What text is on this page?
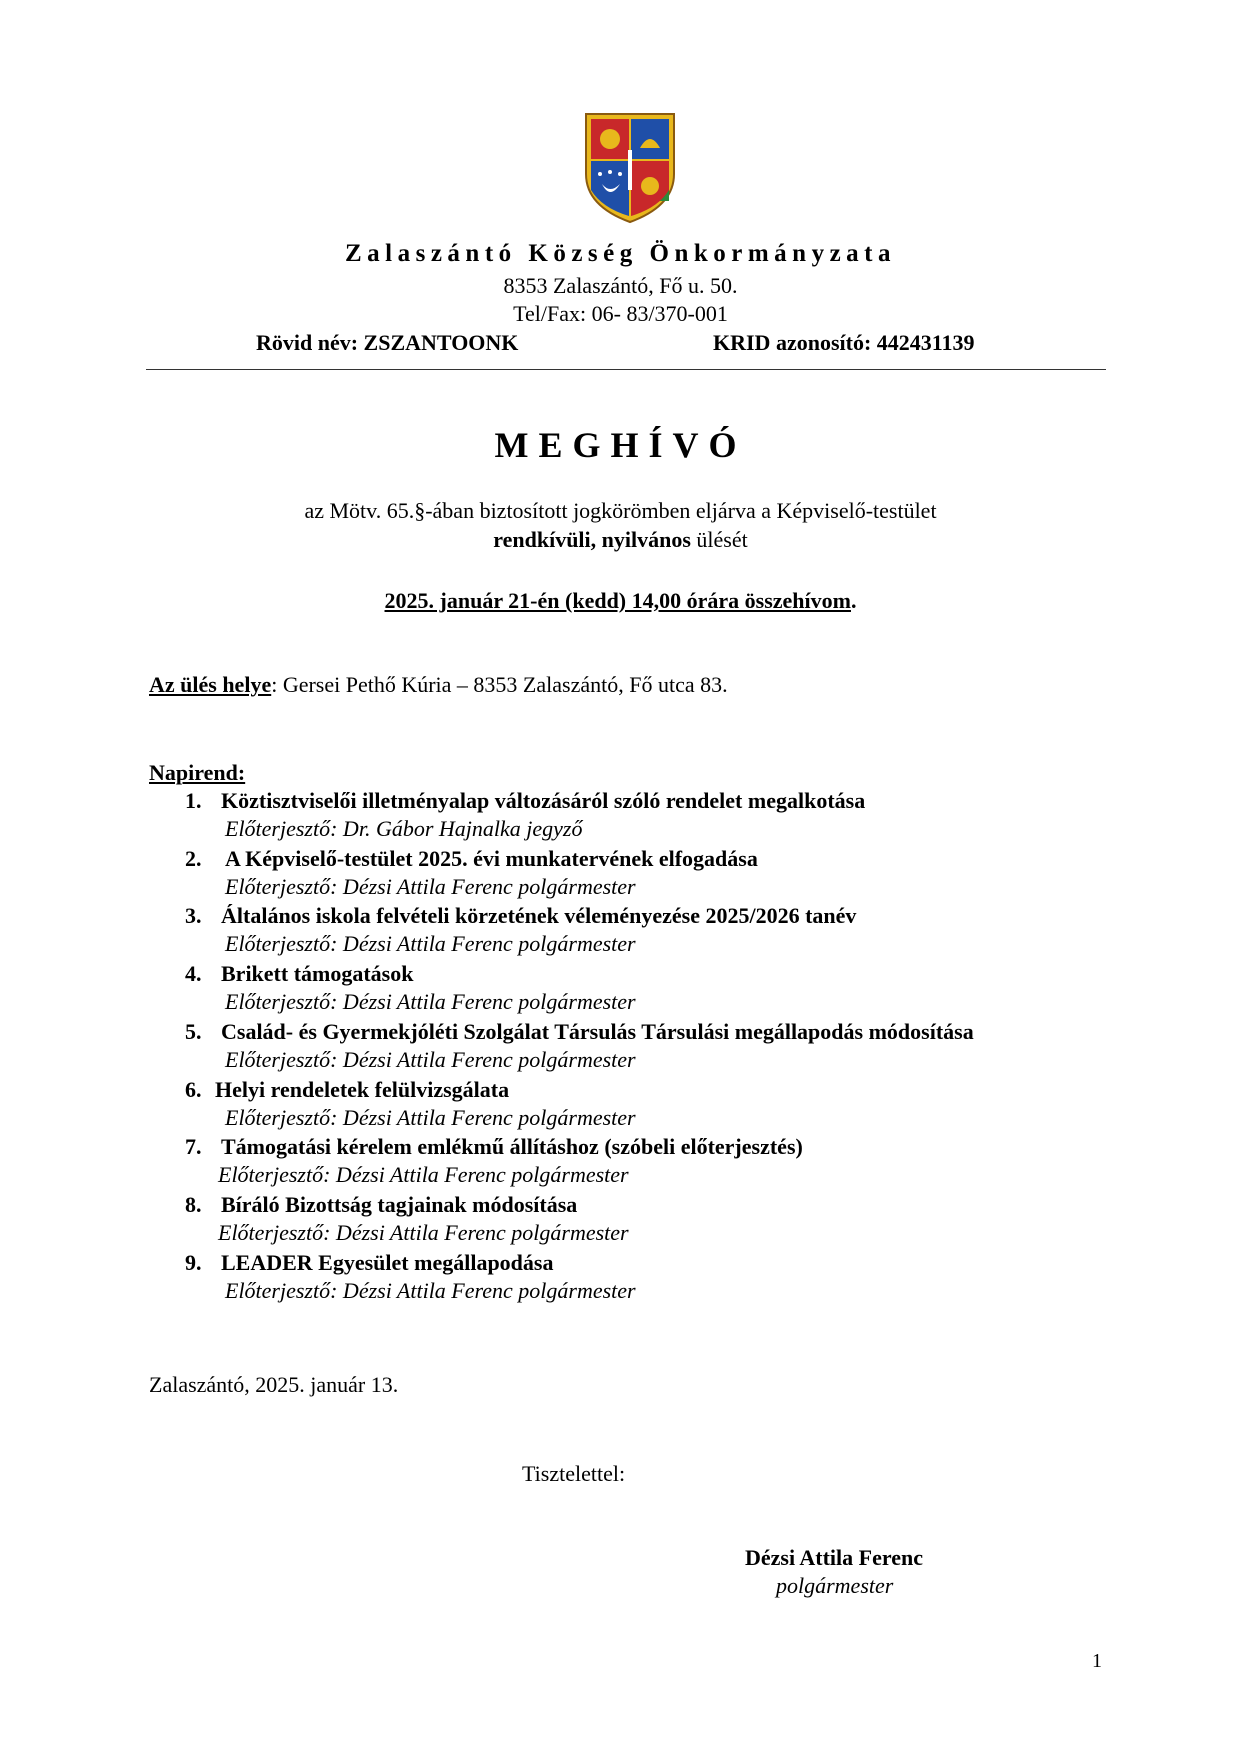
Zalaszántó Község Önkormányzata
8353 Zalaszántó, Fő u. 50.
Tel/Fax: 06- 83/370-001
Rövid név: ZSZANTOONK	KRID azonosító: 442431139
MEGHÍVÓ
az Mötv. 65.§-ában biztosított jogkörömben eljárva a Képviselő-testület
rendkívüli, nyilvános ülését
2025. január 21-én (kedd) 14,00 órára összehívom.
Az ülés helye: Gersei Pethő Kúria – 8353 Zalaszántó, Fő utca 83.
Napirend:
1. Köztisztviselői illetményalap változásáról szóló rendelet megalkotása
Előterjesztő: Dr. Gábor Hajnalka jegyző
2. A Képviselő-testület 2025. évi munkatervének elfogadása
Előterjesztő: Dézsi Attila Ferenc polgármester
3. Általános iskola felvételi körzetének véleményezése 2025/2026 tanév
Előterjesztő: Dézsi Attila Ferenc polgármester
4. Brikett támogatások
Előterjesztő: Dézsi Attila Ferenc polgármester
5. Család- és Gyermekjóléti Szolgálat Társulás Társulási megállapodás módosítása
Előterjesztő: Dézsi Attila Ferenc polgármester
6. Helyi rendeletek felülvizsgálata
Előterjesztő: Dézsi Attila Ferenc polgármester
7. Támogatási kérelem emlékmű állításhoz (szóbeli előterjesztés)
Előterjesztő: Dézsi Attila Ferenc polgármester
8. Bíráló Bizottság tagjainak módosítása
Előterjesztő: Dézsi Attila Ferenc polgármester
9. LEADER Egyesület megállapodása
Előterjesztő: Dézsi Attila Ferenc polgármester
Zalaszántó, 2025. január 13.
Tisztelettel:
Dézsi Attila Ferenc
polgármester
1
